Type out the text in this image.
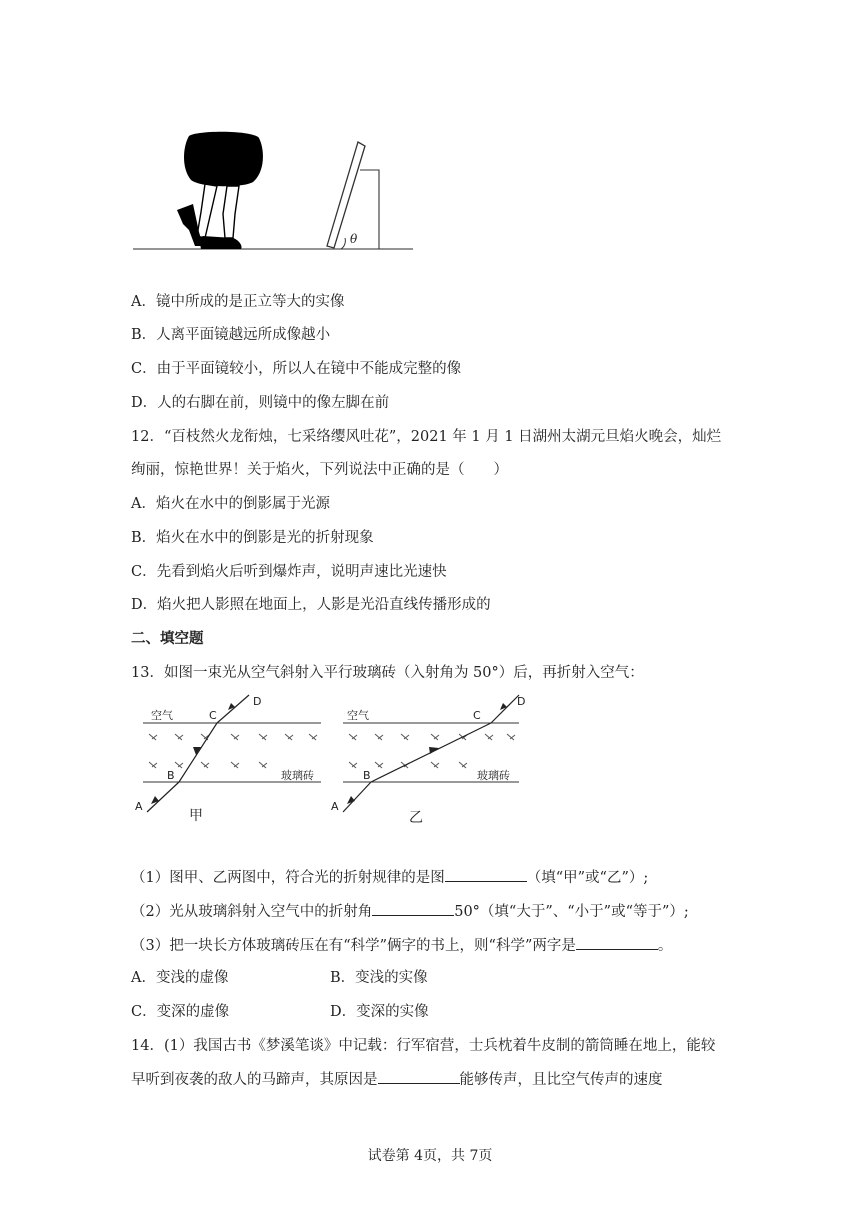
θ
A．镜中所成的是正立等大的实像
B．人离平面镜越远所成像越小
C．由于平面镜较小，所以人在镜中不能成完整的像
D．人的右脚在前，则镜中的像左脚在前
12．“百枝然火龙衔烛，七采络缨风吐花”，2021 年 1 月 1 日湖州太湖元旦焰火晚会，灿烂
绚丽，惊艳世界！关于焰火，下列说法中正确的是（　　）
A．焰火在水中的倒影属于光源
B．焰火在水中的倒影是光的折射现象
C．先看到焰火后听到爆炸声，说明声速比光速快
D．焰火把人影照在地面上，人影是光沿直线传播形成的
二、填空题
13．如图一束光从空气斜射入平行玻璃砖（入射角为 50°）后，再折射入空气：
空气
玻璃砖
A
B
C
D
甲
空气
玻璃砖
A
B
C
D
乙
（1）图甲、乙两图中，符合光的折射规律的是图	（填“甲”或“乙”）;
（2）光从玻璃斜射入空气中的折射角	50°（填“大于”、“小于”或“等于”）;
（3）把一块长方体玻璃砖压在有“科学”俩字的书上，则“科学”两字是	。
A．变浅的虚像	B．变浅的实像
C．变深的虚像	D．变深的实像
14．(1）我国古书《梦溪笔谈》中记载：行军宿营，士兵枕着牛皮制的箭筒睡在地上，能较
早听到夜袭的敌人的马蹄声，其原因是	能够传声，且比空气传声的速度
试卷第 4页，共 7页
